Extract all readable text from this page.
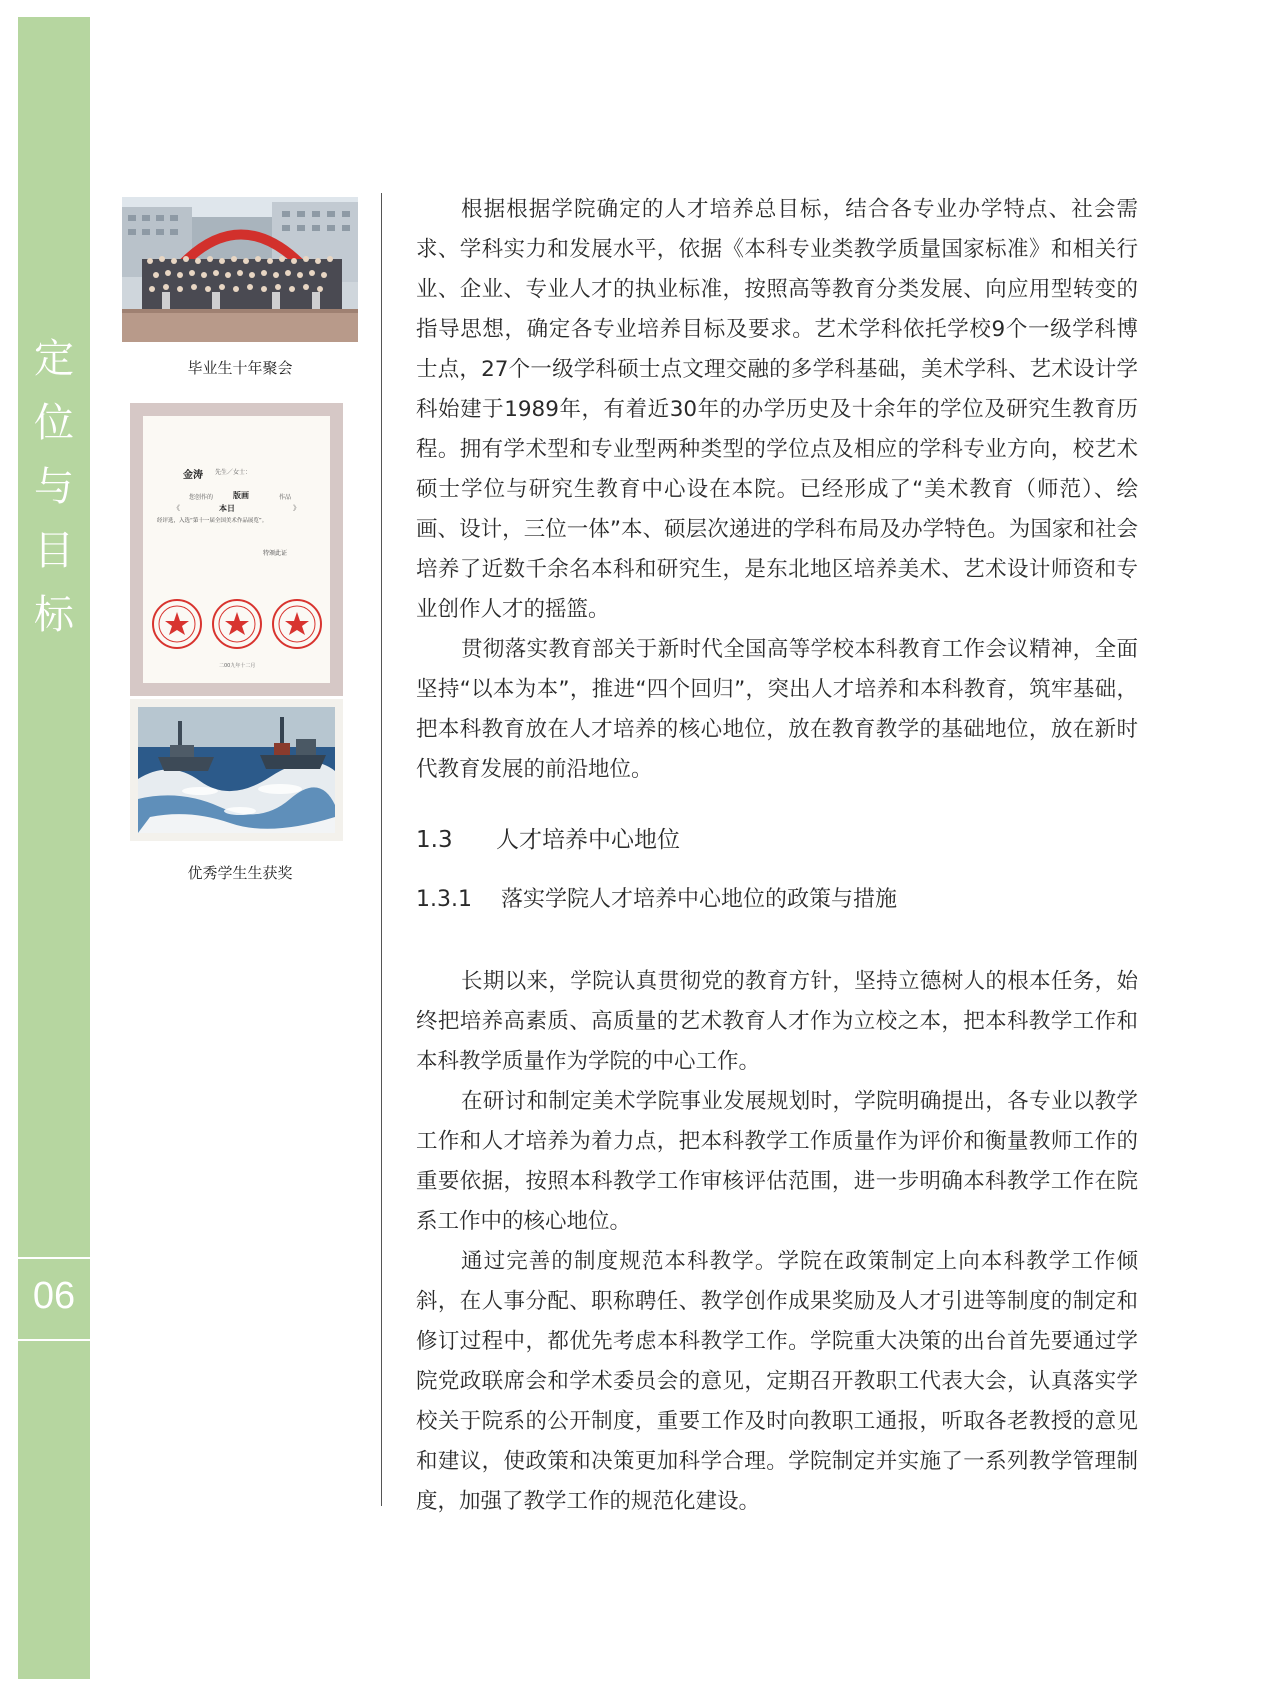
定
位
与
目
标
06
毕业生十年聚会
金涛 先生／女士：
您创作的 版画	作品
《	本日	》
经评选，入选“第十一届全国美术作品展览”。
特颁此证
二00九年十二月
优秀学生生获奖

根据根据学院确定的人才培养总目标，结合各专业办学特点、社会需求、学科实力和发展水平，依据《本科专业类教学质量国家标准》和相关行业、企业、专业人才的执业标准，按照高等教育分类发展、向应用型转变的指导思想，确定各专业培养目标及要求。艺术学科依托学校9个一级学科博士点，27个一级学科硕士点文理交融的多学科基础，美术学科、艺术设计学科始建于1989年，有着近30年的办学历史及十余年的学位及研究生教育历程。拥有学术型和专业型两种类型的学位点及相应的学科专业方向，校艺术硕士学位与研究生教育中心设在本院。已经形成了“美术教育（师范）、绘画、设计，三位一体”本、硕层次递进的学科布局及办学特色。为国家和社会培养了近数千余名本科和研究生，是东北地区培养美术、艺术设计师资和专业创作人才的摇篮。

贯彻落实教育部关于新时代全国高等学校本科教育工作会议精神，全面坚持“以本为本”，推进“四个回归”，突出人才培养和本科教育，筑牢基础，把本科教育放在人才培养的核心地位，放在教育教学的基础地位，放在新时代教育发展的前沿地位。

1.3 人才培养中心地位
1.3.1 落实学院人才培养中心地位的政策与措施

长期以来，学院认真贯彻党的教育方针，坚持立德树人的根本任务，始终把培养高素质、高质量的艺术教育人才作为立校之本，把本科教学工作和本科教学质量作为学院的中心工作。

在研讨和制定美术学院事业发展规划时，学院明确提出，各专业以教学工作和人才培养为着力点，把本科教学工作质量作为评价和衡量教师工作的重要依据，按照本科教学工作审核评估范围，进一步明确本科教学工作在院系工作中的核心地位。

通过完善的制度规范本科教学。学院在政策制定上向本科教学工作倾斜，在人事分配、职称聘任、教学创作成果奖励及人才引进等制度的制定和修订过程中，都优先考虑本科教学工作。学院重大决策的出台首先要通过学院党政联席会和学术委员会的意见，定期召开教职工代表大会，认真落实学校关于院系的公开制度，重要工作及时向教职工通报，听取各老教授的意见和建议，使政策和决策更加科学合理。学院制定并实施了一系列教学管理制度，加强了教学工作的规范化建设。
